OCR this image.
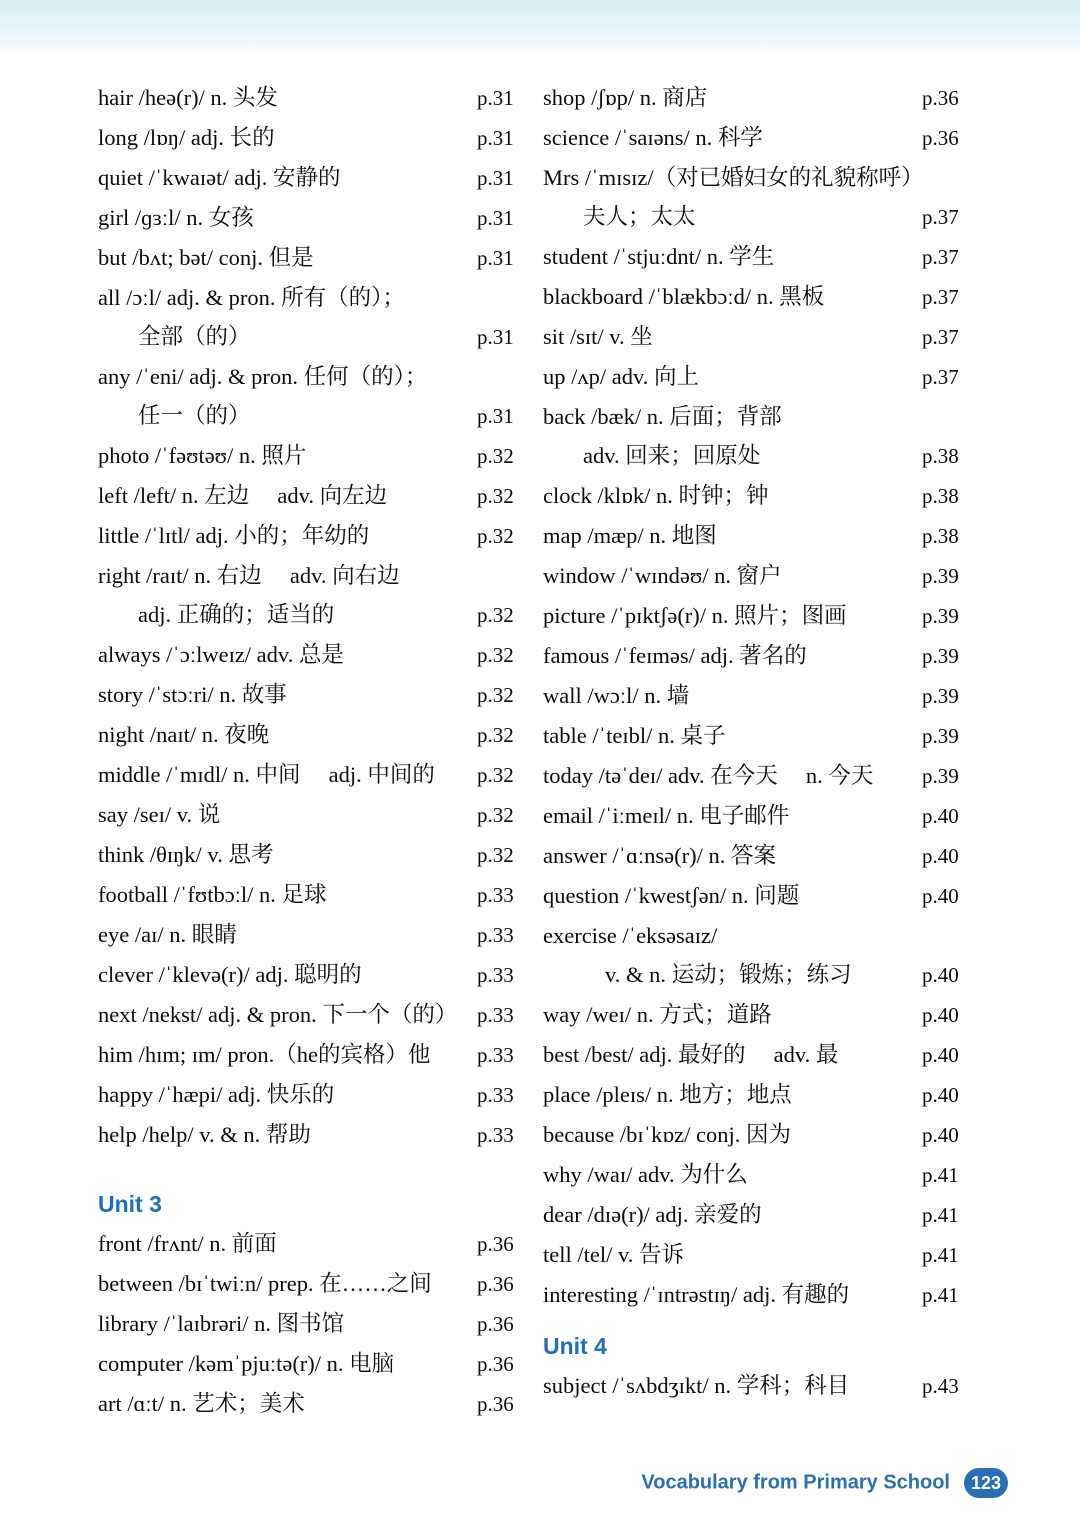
hair /heə(r)/ n. 头发	p.31
long /lɒŋ/ adj. 长的	p.31
quiet /ˈkwaɪət/ adj. 安静的	p.31
girl /ɡɜːl/ n. 女孩	p.31
but /bʌt; bət/ conj. 但是	p.31
all /ɔːl/ adj. & pron. 所有（的）；
全部（的）	p.31
any /ˈeni/ adj. & pron. 任何（的）；
任一（的）	p.31
photo /ˈfəʊtəʊ/ n. 照片	p.32
left /left/ n. 左边　 adv. 向左边	p.32
little /ˈlɪtl/ adj. 小的；年幼的	p.32
right /raɪt/ n. 右边　 adv. 向右边
adj. 正确的；适当的	p.32
always /ˈɔːlweɪz/ adv. 总是	p.32
story /ˈstɔːri/ n. 故事	p.32
night /naɪt/ n. 夜晚	p.32
middle /ˈmɪdl/ n. 中间　 adj. 中间的 p.32
say /seɪ/ v. 说	p.32
think /θɪŋk/ v. 思考	p.32
football /ˈfʊtbɔːl/ n. 足球	p.33
eye /aɪ/ n. 眼睛	p.33
clever /ˈklevə(r)/ adj. 聪明的	p.33
next /nekst/ adj. & pron. 下一个（的） p.33
him /hɪm; ɪm/ pron.（he的宾格）他 p.33
happy /ˈhæpi/ adj. 快乐的	p.33
help /help/ v. & n. 帮助	p.33
Unit 3
front /frʌnt/ n. 前面	p.36
between /bɪˈtwiːn/ prep. 在……之间 p.36
library /ˈlaɪbrəri/ n. 图书馆	p.36
computer /kəmˈpjuːtə(r)/ n. 电脑	p.36
art /ɑːt/ n. 艺术；美术	p.36
shop /ʃɒp/ n. 商店	p.36
science /ˈsaɪəns/ n. 科学	p.36
Mrs /ˈmɪsɪz/（对已婚妇女的礼貌称呼）
夫人；太太	p.37
student /ˈstjuːdnt/ n. 学生	p.37
blackboard /ˈblækbɔːd/ n. 黑板	p.37
sit /sɪt/ v. 坐	p.37
up /ʌp/ adv. 向上	p.37
back /bæk/ n. 后面；背部
adv. 回来；回原处	p.38
clock /klɒk/ n. 时钟；钟	p.38
map /mæp/ n. 地图	p.38
window /ˈwɪndəʊ/ n. 窗户	p.39
picture /ˈpɪktʃə(r)/ n. 照片；图画	p.39
famous /ˈfeɪməs/ adj. 著名的	p.39
wall /wɔːl/ n. 墙	p.39
table /ˈteɪbl/ n. 桌子	p.39
today /təˈdeɪ/ adv. 在今天　 n. 今天 p.39
email /ˈiːmeɪl/ n. 电子邮件	p.40
answer /ˈɑːnsə(r)/ n. 答案	p.40
question /ˈkwestʃən/ n. 问题	p.40
exercise /ˈeksəsaɪz/
v. & n. 运动；锻炼；练习	p.40
way /weɪ/ n. 方式；道路	p.40
best /best/ adj. 最好的　 adv. 最	p.40
place /pleɪs/ n. 地方；地点	p.40
because /bɪˈkɒz/ conj. 因为	p.40
why /waɪ/ adv. 为什么	p.41
dear /dɪə(r)/ adj. 亲爱的	p.41
tell /tel/ v. 告诉	p.41
interesting /ˈɪntrəstɪŋ/ adj. 有趣的	p.41
Unit 4
subject /ˈsʌbdʒɪkt/ n. 学科；科目	p.43
Vocabulary from Primary School 123
